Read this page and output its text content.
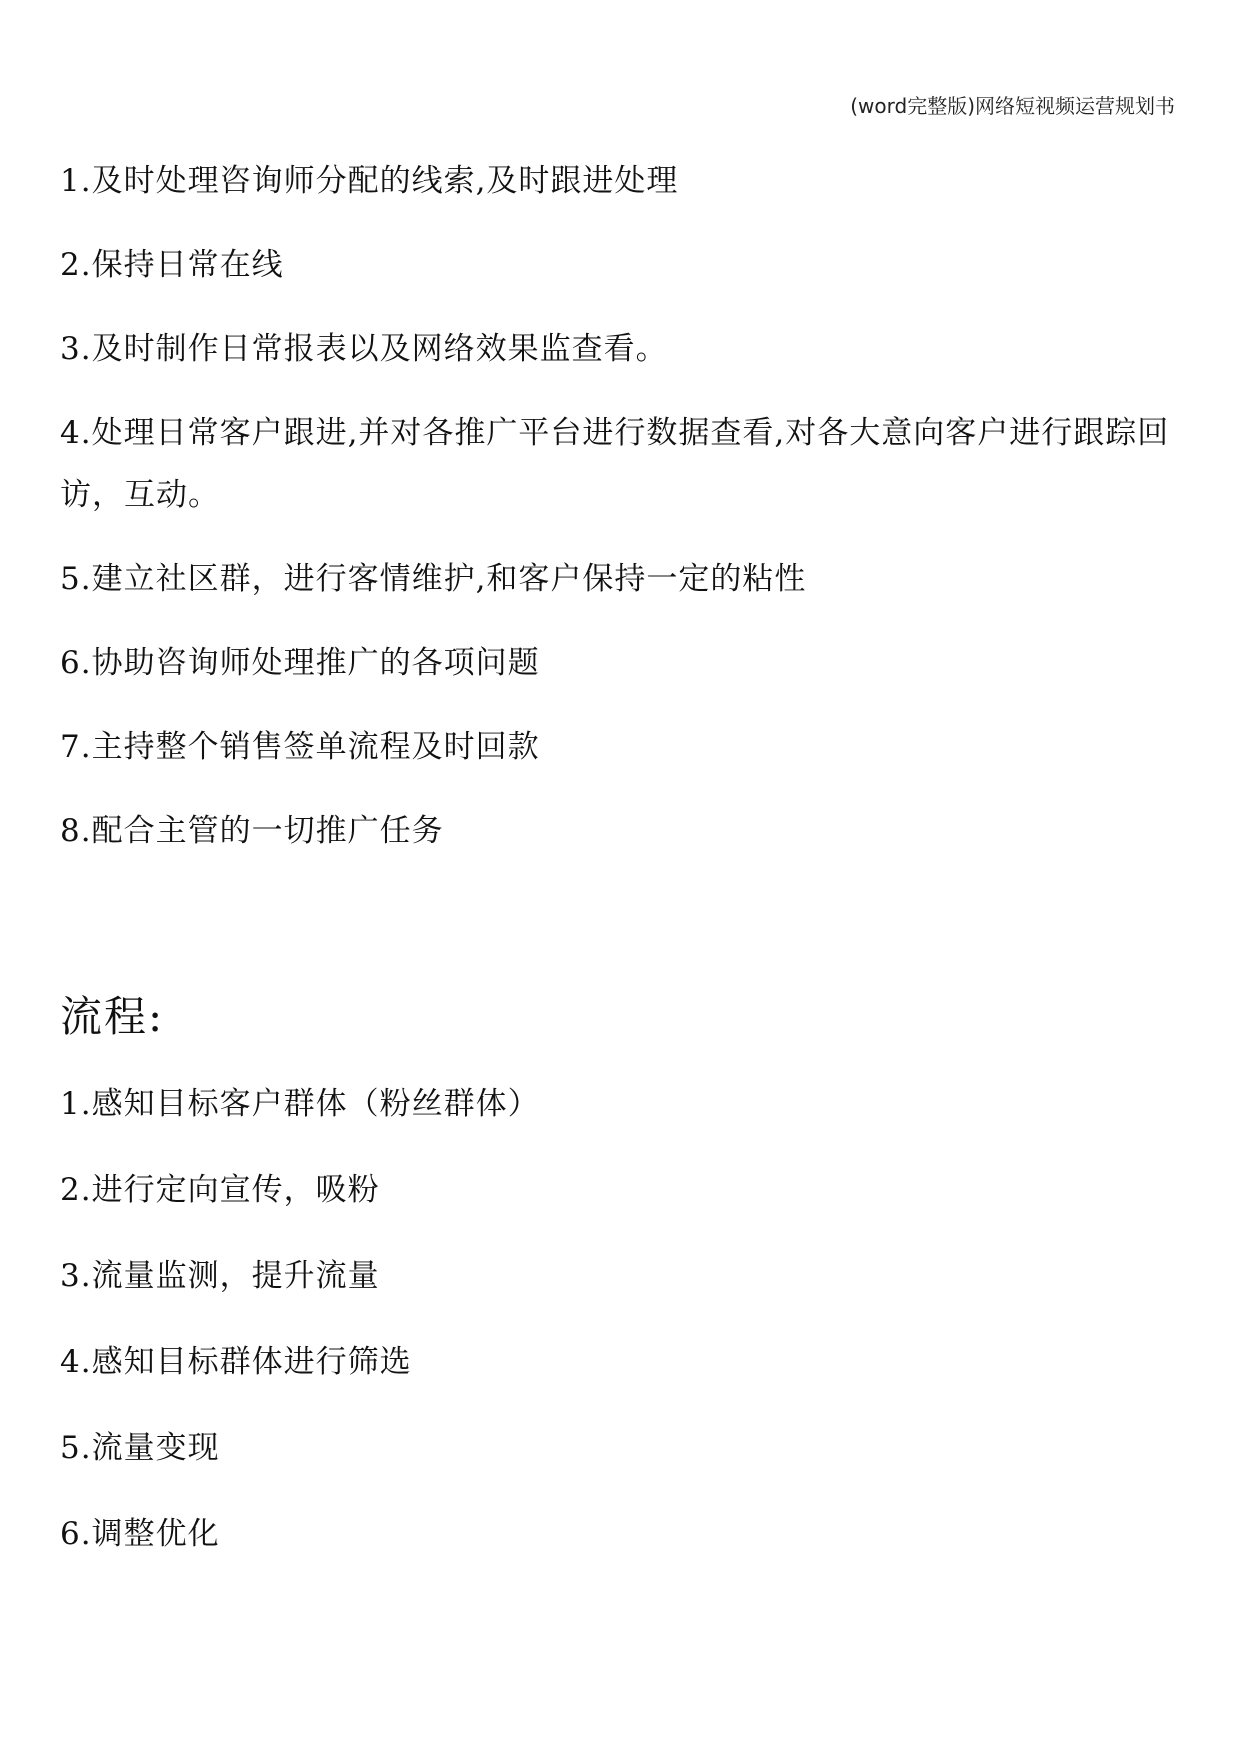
(word完整版)网络短视频运营规划书
1.及时处理咨询师分配的线索,及时跟进处理
2.保持日常在线
3.及时制作日常报表以及网络效果监查看。
4.处理日常客户跟进,并对各推广平台进行数据查看,对各大意向客户进行跟踪回访，互动。
5.建立社区群，进行客情维护,和客户保持一定的粘性
6.协助咨询师处理推广的各项问题
7.主持整个销售签单流程及时回款
8.配合主管的一切推广任务
流程:
1.感知目标客户群体（粉丝群体）
2.进行定向宣传，吸粉
3.流量监测，提升流量
4.感知目标群体进行筛选
5.流量变现
6.调整优化
